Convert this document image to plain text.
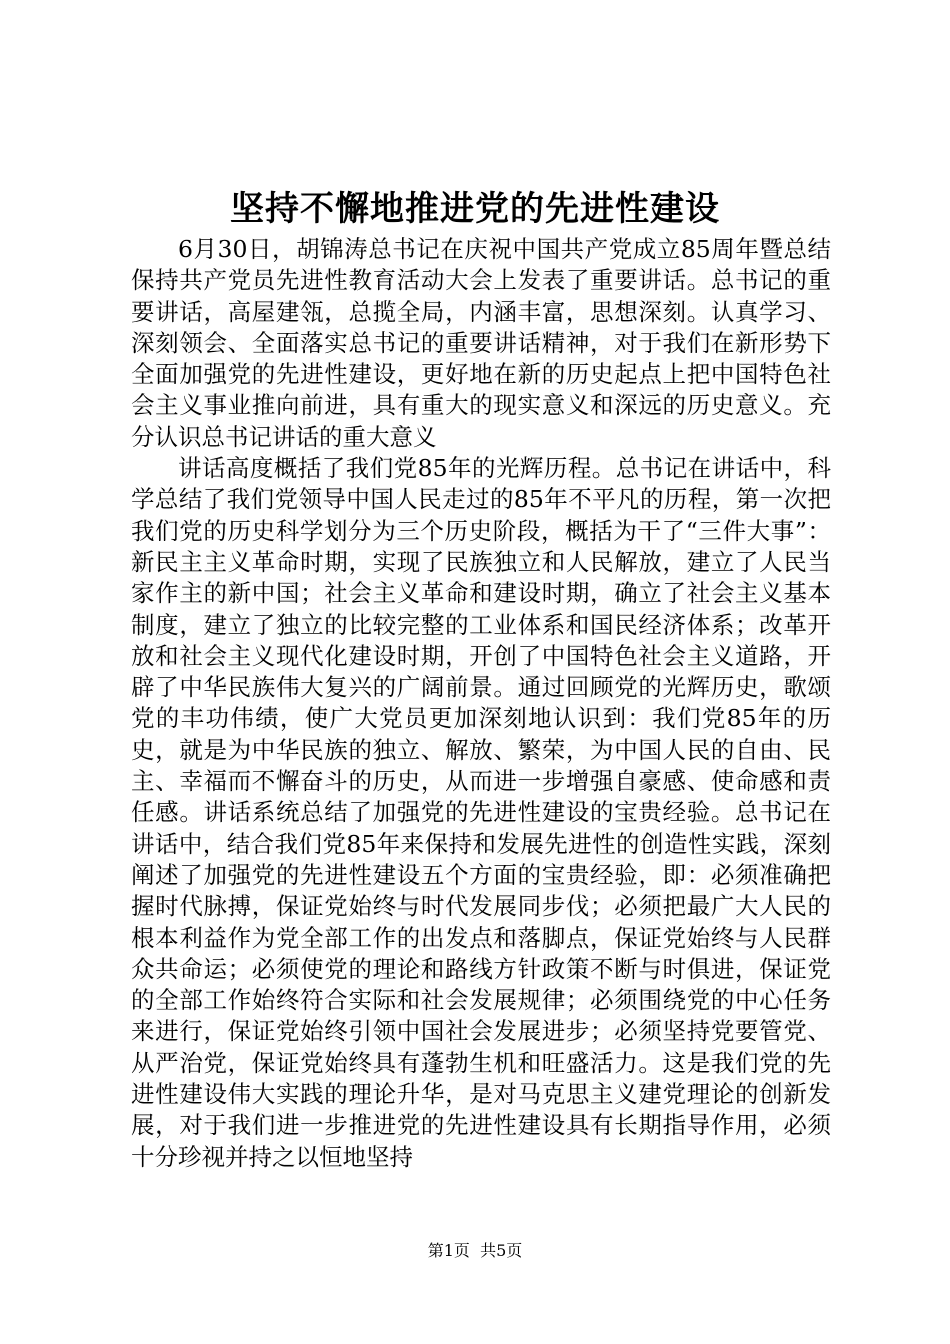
坚持不懈地推进党的先进性建设

6月30日，胡锦涛总书记在庆祝中国共产党成立85周年暨总结保持共产党员先进性教育活动大会上发表了重要讲话。总书记的重要讲话，高屋建瓴，总揽全局，内涵丰富，思想深刻。认真学习、深刻领会、全面落实总书记的重要讲话精神，对于我们在新形势下全面加强党的先进性建设，更好地在新的历史起点上把中国特色社会主义事业推向前进，具有重大的现实意义和深远的历史意义。充分认识总书记讲话的重大意义

讲话高度概括了我们党85年的光辉历程。总书记在讲话中，科学总结了我们党领导中国人民走过的85年不平凡的历程，第一次把我们党的历史科学划分为三个历史阶段，概括为干了“三件大事”：新民主主义革命时期，实现了民族独立和人民解放，建立了人民当家作主的新中国；社会主义革命和建设时期，确立了社会主义基本制度，建立了独立的比较完整的工业体系和国民经济体系；改革开放和社会主义现代化建设时期，开创了中国特色社会主义道路，开辟了中华民族伟大复兴的广阔前景。通过回顾党的光辉历史，歌颂党的丰功伟绩，使广大党员更加深刻地认识到：我们党85年的历史，就是为中华民族的独立、解放、繁荣，为中国人民的自由、民主、幸福而不懈奋斗的历史，从而进一步增强自豪感、使命感和责任感。讲话系统总结了加强党的先进性建设的宝贵经验。总书记在讲话中，结合我们党85年来保持和发展先进性的创造性实践，深刻阐述了加强党的先进性建设五个方面的宝贵经验，即：必须准确把握时代脉搏，保证党始终与时代发展同步伐；必须把最广大人民的根本利益作为党全部工作的出发点和落脚点，保证党始终与人民群众共命运；必须使党的理论和路线方针政策不断与时俱进，保证党的全部工作始终符合实际和社会发展规律；必须围绕党的中心任务来进行，保证党始终引领中国社会发展进步；必须坚持党要管党、从严治党，保证党始终具有蓬勃生机和旺盛活力。这是我们党的先进性建设伟大实践的理论升华，是对马克思主义建党理论的创新发展，对于我们进一步推进党的先进性建设具有长期指导作用，必须十分珍视并持之以恒地坚持

第1页 共5页
